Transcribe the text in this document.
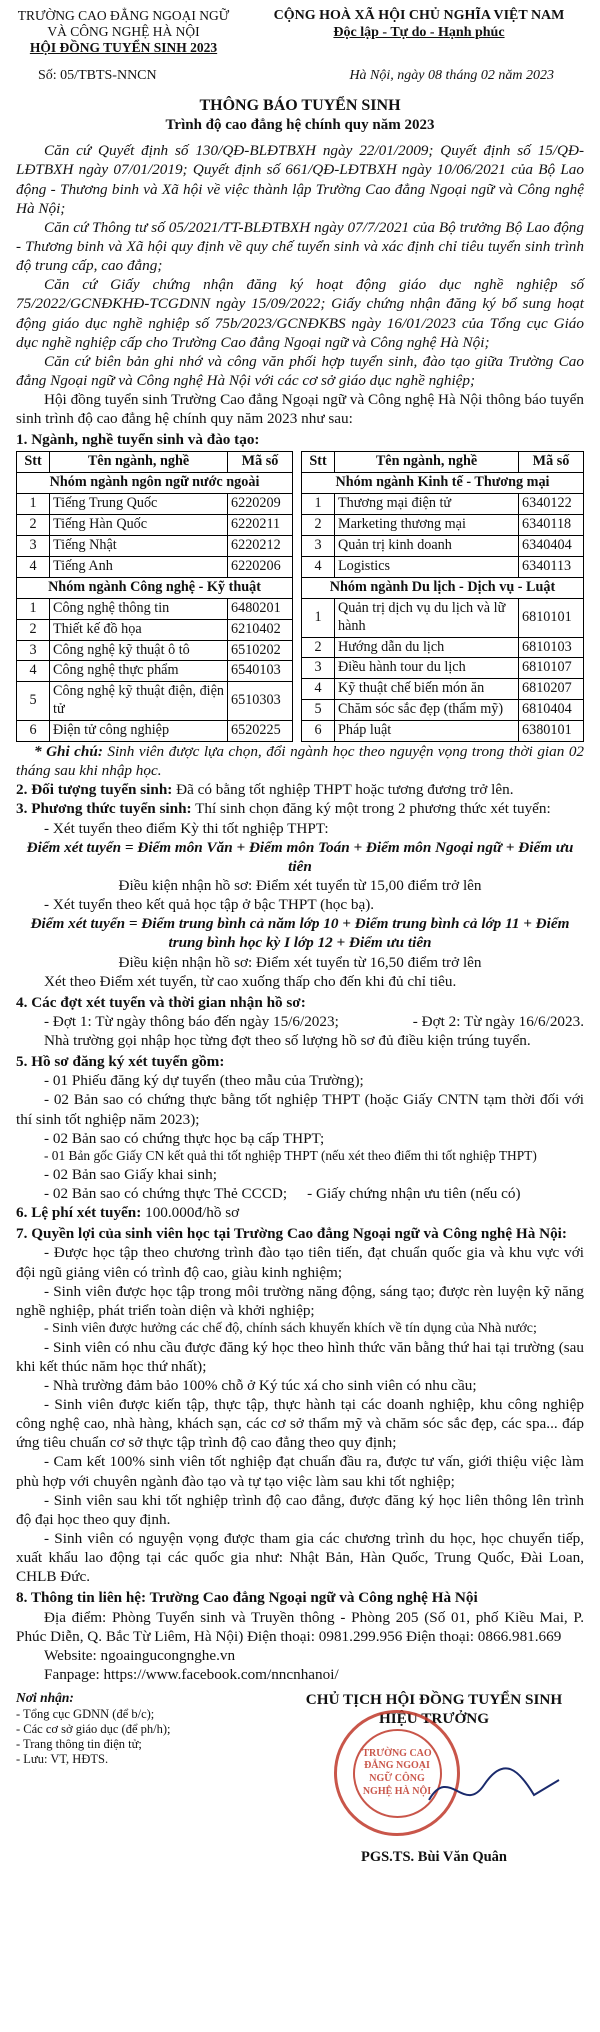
TRƯỜNG CAO ĐẲNG NGOẠI NGỮ
VÀ CÔNG NGHỆ HÀ NỘI
HỘI ĐỒNG TUYỂN SINH 2023
CỘNG HOÀ XÃ HỘI CHỦ NGHĨA VIỆT NAM
Độc lập - Tự do - Hạnh phúc
Số: 05/TBTS-NNCN	Hà Nội, ngày 08 tháng 02 năm 2023
THÔNG BÁO TUYỂN SINH
Trình độ cao đẳng hệ chính quy năm 2023

Căn cứ Quyết định số 130/QĐ-BLĐTBXH ngày 22/01/2009; Quyết định số 15/QĐ-LĐTBXH ngày 07/01/2019; Quyết định số 661/QĐ-LĐTBXH ngày 10/06/2021 của Bộ Lao động - Thương binh và Xã hội về việc thành lập Trường Cao đẳng Ngoại ngữ và Công nghệ Hà Nội;

Căn cứ Thông tư số 05/2021/TT-BLĐTBXH ngày 07/7/2021 của Bộ trưởng Bộ Lao động - Thương binh và Xã hội quy định về quy chế tuyển sinh và xác định chỉ tiêu tuyển sinh trình độ trung cấp, cao đẳng;

Căn cứ Giấy chứng nhận đăng ký hoạt động giáo dục nghề nghiệp số 75/2022/GCNĐKHĐ-TCGDNN ngày 15/09/2022; Giấy chứng nhận đăng ký bổ sung hoạt động giáo dục nghề nghiệp số 75b/2023/GCNĐKBS ngày 16/01/2023 của Tổng cục Giáo dục nghề nghiệp cấp cho Trường Cao đẳng Ngoại ngữ và Công nghệ Hà Nội;

Căn cứ biên bản ghi nhớ và công văn phối hợp tuyển sinh, đào tạo giữa Trường Cao đẳng Ngoại ngữ và Công nghệ Hà Nội với các cơ sở giáo dục nghề nghiệp;

Hội đồng tuyển sinh Trường Cao đẳng Ngoại ngữ và Công nghệ Hà Nội thông báo tuyển sinh trình độ cao đẳng hệ chính quy năm 2023 như sau:

1. Ngành, nghề tuyển sinh và đào tạo:
Stt	Tên ngành, nghề	Mã số
Nhóm ngành ngôn ngữ nước ngoài		
1	Tiếng Trung Quốc	6220209
2	Tiếng Hàn Quốc	6220211
3	Tiếng Nhật	6220212
4	Tiếng Anh	6220206
Nhóm ngành Công nghệ - Kỹ thuật		
1	Công nghệ thông tin	6480201
2	Thiết kế đồ họa	6210402
3	Công nghệ kỹ thuật ô tô	6510202
4	Công nghệ thực phẩm	6540103
5	Công nghệ kỹ thuật điện, điện tử	6510303
6	Điện tử công nghiệp	6520225
Stt	Tên ngành, nghề	Mã số
Nhóm ngành Kinh tế - Thương mại		
1	Thương mại điện tử	6340122
2	Marketing thương mại	6340118
3	Quản trị kinh doanh	6340404
4	Logistics	6340113
Nhóm ngành Du lịch - Dịch vụ - Luật		
1	Quản trị dịch vụ du lịch và lữ hành	6810101
2	Hướng dẫn du lịch	6810103
3	Điều hành tour du lịch	6810107
4	Kỹ thuật chế biến món ăn	6810207
5	Chăm sóc sắc đẹp (thẩm mỹ)	6810404
6	Pháp luật	6380101

* Ghi chú: Sinh viên được lựa chọn, đổi ngành học theo nguyện vọng trong thời gian 02 tháng sau khi nhập học.

2. Đối tượng tuyển sinh: Đã có bằng tốt nghiệp THPT hoặc tương đương trở lên.

3. Phương thức tuyển sinh: Thí sinh chọn đăng ký một trong 2 phương thức xét tuyển:

- Xét tuyển theo điểm Kỳ thi tốt nghiệp THPT:

Điểm xét tuyển = Điểm môn Văn + Điểm môn Toán + Điểm môn Ngoại ngữ + Điểm ưu tiên

Điều kiện nhận hồ sơ: Điểm xét tuyển từ 15,00 điểm trở lên

- Xét tuyển theo kết quả học tập ở bậc THPT (học bạ).

Điểm xét tuyển = Điểm trung bình cả năm lớp 10 + Điểm trung bình cả lớp 11 + Điểm trung bình học kỳ I lớp 12 + Điểm ưu tiên

Điều kiện nhận hồ sơ: Điểm xét tuyển từ 16,50 điểm trở lên

Xét theo Điểm xét tuyển, từ cao xuống thấp cho đến khi đủ chỉ tiêu.

4. Các đợt xét tuyển và thời gian nhận hồ sơ:

- Đợt 1: Từ ngày thông báo đến ngày 15/6/2023;	- Đợt 2: Từ ngày 16/6/2023.

Nhà trường gọi nhập học từng đợt theo số lượng hồ sơ đủ điều kiện trúng tuyển.

5. Hồ sơ đăng ký xét tuyển gồm:

- 01 Phiếu đăng ký dự tuyển (theo mẫu của Trường);

- 02 Bản sao có chứng thực bằng tốt nghiệp THPT (hoặc Giấy CNTN tạm thời đối với thí sinh tốt nghiệp năm 2023);

- 02 Bản sao có chứng thực học bạ cấp THPT;

- 01 Bản gốc Giấy CN kết quả thi tốt nghiệp THPT (nếu xét theo điểm thi tốt nghiệp THPT)

- 02 Bản sao Giấy khai sinh;

- 02 Bản sao có chứng thực Thẻ CCCD; - Giấy chứng nhận ưu tiên (nếu có)

6. Lệ phí xét tuyển: 100.000đ/hồ sơ

7. Quyền lợi của sinh viên học tại Trường Cao đẳng Ngoại ngữ và Công nghệ Hà Nội:

- Được học tập theo chương trình đào tạo tiên tiến, đạt chuẩn quốc gia và khu vực với đội ngũ giảng viên có trình độ cao, giàu kinh nghiệm;

- Sinh viên được học tập trong môi trường năng động, sáng tạo; được rèn luyện kỹ năng nghề nghiệp, phát triển toàn diện và khởi nghiệp;

- Sinh viên được hưởng các chế độ, chính sách khuyến khích về tín dụng của Nhà nước;

- Sinh viên có nhu cầu được đăng ký học theo hình thức văn bằng thứ hai tại trường (sau khi kết thúc năm học thứ nhất);

- Nhà trường đảm bảo 100% chỗ ở Ký túc xá cho sinh viên có nhu cầu;

- Sinh viên được kiến tập, thực tập, thực hành tại các doanh nghiệp, khu công nghiệp công nghệ cao, nhà hàng, khách sạn, các cơ sở thẩm mỹ và chăm sóc sắc đẹp, các spa... đáp ứng tiêu chuẩn cơ sở thực tập trình độ cao đẳng theo quy định;

- Cam kết 100% sinh viên tốt nghiệp đạt chuẩn đầu ra, được tư vấn, giới thiệu việc làm phù hợp với chuyên ngành đào tạo và tự tạo việc làm sau khi tốt nghiệp;

- Sinh viên sau khi tốt nghiệp trình độ cao đẳng, được đăng ký học liên thông lên trình độ đại học theo quy định.

- Sinh viên có nguyện vọng được tham gia các chương trình du học, học chuyển tiếp, xuất khẩu lao động tại các quốc gia như: Nhật Bản, Hàn Quốc, Trung Quốc, Đài Loan, CHLB Đức.

8. Thông tin liên hệ: Trường Cao đẳng Ngoại ngữ và Công nghệ Hà Nội

Địa điểm: Phòng Tuyển sinh và Truyền thông - Phòng 205 (Số 01, phố Kiều Mai, P. Phúc Diễn, Q. Bắc Từ Liêm, Hà Nội) Điện thoại: 0981.299.956 Điện thoại: 0866.981.669

Website: ngoaingucongnghe.vn

Fanpage: https://www.facebook.com/nncnhanoi/

Nơi nhận:
- Tổng cục GDNN (để b/c);
- Các cơ sở giáo dục (để ph/h);
- Trang thông tin điện tử;
- Lưu: VT, HĐTS.
CHỦ TỊCH HỘI ĐỒNG TUYỂN SINH
HIỆU TRƯỞNG
TRƯỜNG CAO ĐẲNG NGOẠI NGỮ CÔNG NGHỆ HÀ NỘI
PGS.TS. Bùi Văn Quân
